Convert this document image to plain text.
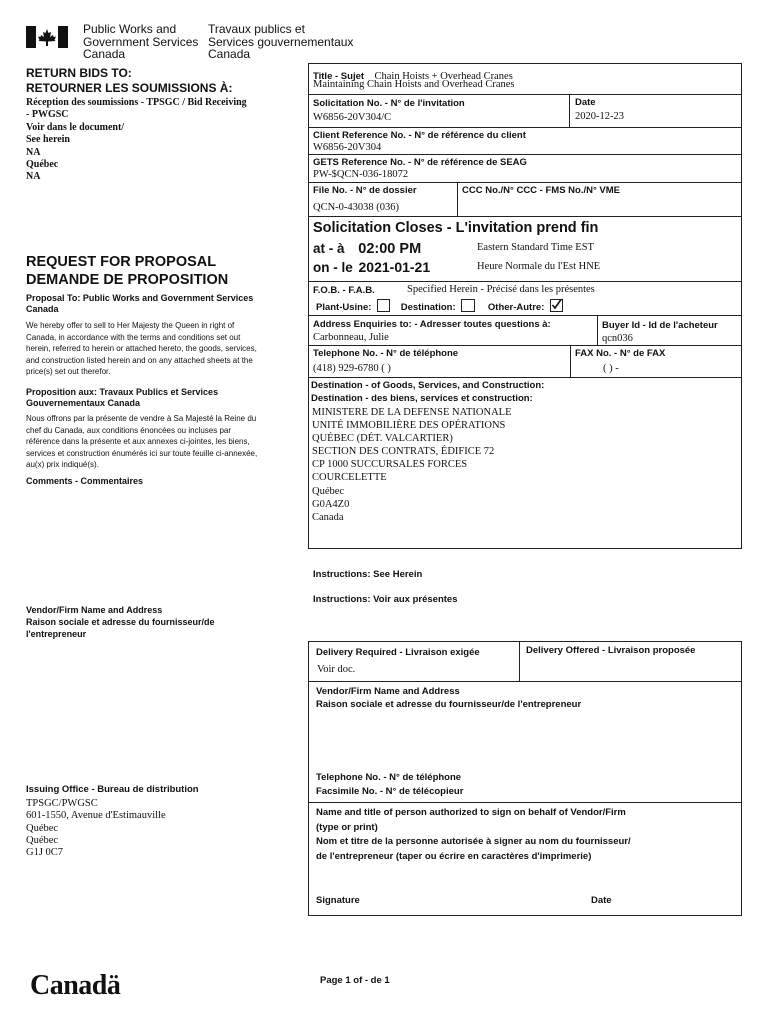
Public Works and
Government Services
Canada
Travaux publics et
Services gouvernementaux
Canada
RETURN BIDS TO:
RETOURNER LES SOUMISSIONS À:
Réception des soumissions - TPSGC / Bid Receiving
- PWGSC
Voir dans le document/
See herein
NA
Québec
NA
REQUEST FOR PROPOSAL
DEMANDE DE PROPOSITION
Proposal To: Public Works and Government Services Canada
We hereby offer to sell to Her Majesty the Queen in right of Canada, in accordance with the terms and conditions set out herein, referred to herein or attached hereto, the goods, services, and construction listed herein and on any attached sheets at the price(s) set out therefor.
Proposition aux: Travaux Publics et Services Gouvernementaux Canada
Nous offrons par la présente de vendre à Sa Majesté la Reine du chef du Canada, aux conditions énoncées ou incluses par référence dans la présente et aux annexes ci-jointes, les biens, services et construction énumérés ici sur toute feuille ci-annexée, au(x) prix indiqué(s).
Comments - Commentaires
Vendor/Firm Name and Address
Raison sociale et adresse du fournisseur/de l'entrepreneur
Issuing Office - Bureau de distribution
TPSGC/PWGSC
601-1550, Avenue d'Estimauville
Québec
Québec
G1J 0C7
Canadä
Title - Sujet Chain Hoists + Overhead Cranes
Maintaining Chain Hoists and Overhead Cranes
Solicitation No. - N° de l'invitation
W6856-20V304/C
Date
2020-12-23
Client Reference No. - N° de référence du client
W6856-20V304
GETS Reference No. - N° de référence de SEAG
PW-$QCN-036-18072
File No. - N° de dossier
QCN-0-43038 (036)
CCC No./N° CCC - FMS No./N° VME
Solicitation Closes - L'invitation prend fin
at - à 02:00 PM
on - le 2021-01-21
Eastern Standard Time EST
Heure Normale du l'Est HNE
F.O.B. - F.A.B.	Specified Herein - Précisé dans les présentes
Plant-Usine:	Destination:	Other-Autre:
Address Enquiries to: - Adresser toutes questions à:
Carbonneau, Julie
Buyer Id - Id de l'acheteur
qcn036
Telephone No. - N° de téléphone
(418) 929-6780 ( )
FAX No. - N° de FAX
( ) -
Destination - of Goods, Services, and Construction:
Destination - des biens, services et construction:
MINISTERE DE LA DEFENSE NATIONALE
UNITÉ IMMOBILIÈRE DES OPÉRATIONS
QUÉBEC (DÉT. VALCARTIER)
SECTION DES CONTRATS, ÉDIFICE 72
CP 1000 SUCCURSALES FORCES
COURCELETTE
Québec
G0A4Z0
Canada
Instructions: See Herein
Instructions: Voir aux présentes
Delivery Required - Livraison exigée
Voir doc.
Delivery Offered - Livraison proposée
Vendor/Firm Name and Address
Raison sociale et adresse du fournisseur/de l'entrepreneur
Telephone No. - N° de téléphone
Facsimile No. - N° de télécopieur
Name and title of person authorized to sign on behalf of Vendor/Firm
(type or print)
Nom et titre de la personne autorisée à signer au nom du fournisseur/
de l'entrepreneur (taper ou écrire en caractères d'imprimerie)
Signature	Date
Page 1 of - de 1
